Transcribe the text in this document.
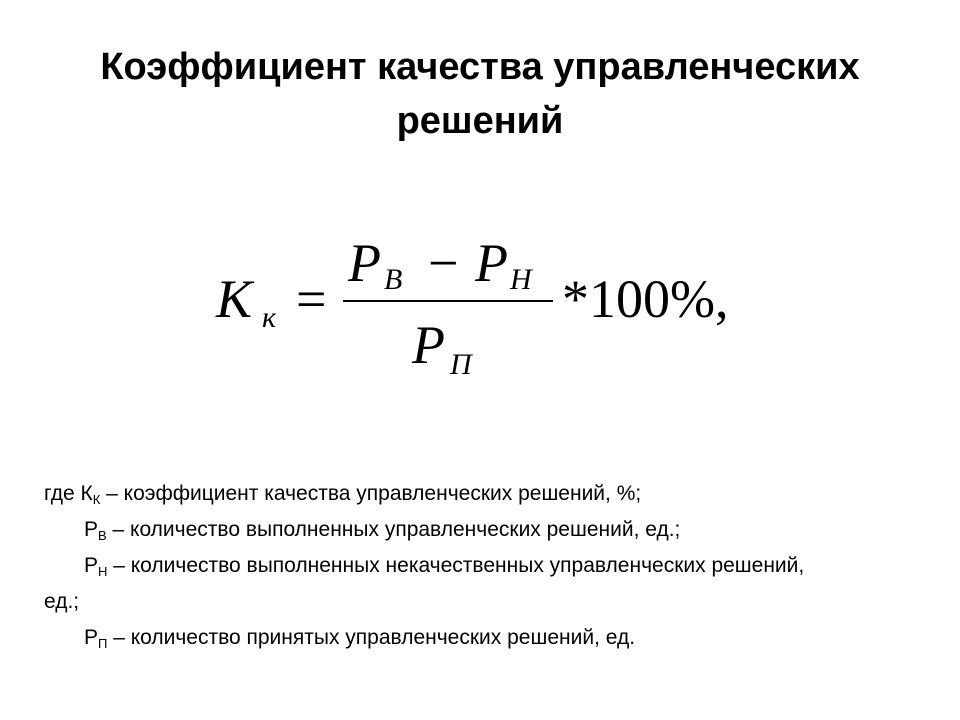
Коэффициент качества управленческих
решений
K к =
P В − P Н
P П
*100%,
где $К_К$ – коэффициент качества управленческих решений, %;
$Р_В$ – количество выполненных управленческих решений, ед.;
$Р_Н$ – количество выполненных некачественных управленческих решений,
ед.;
$Р_П$ – количество принятых управленческих решений, ед.
